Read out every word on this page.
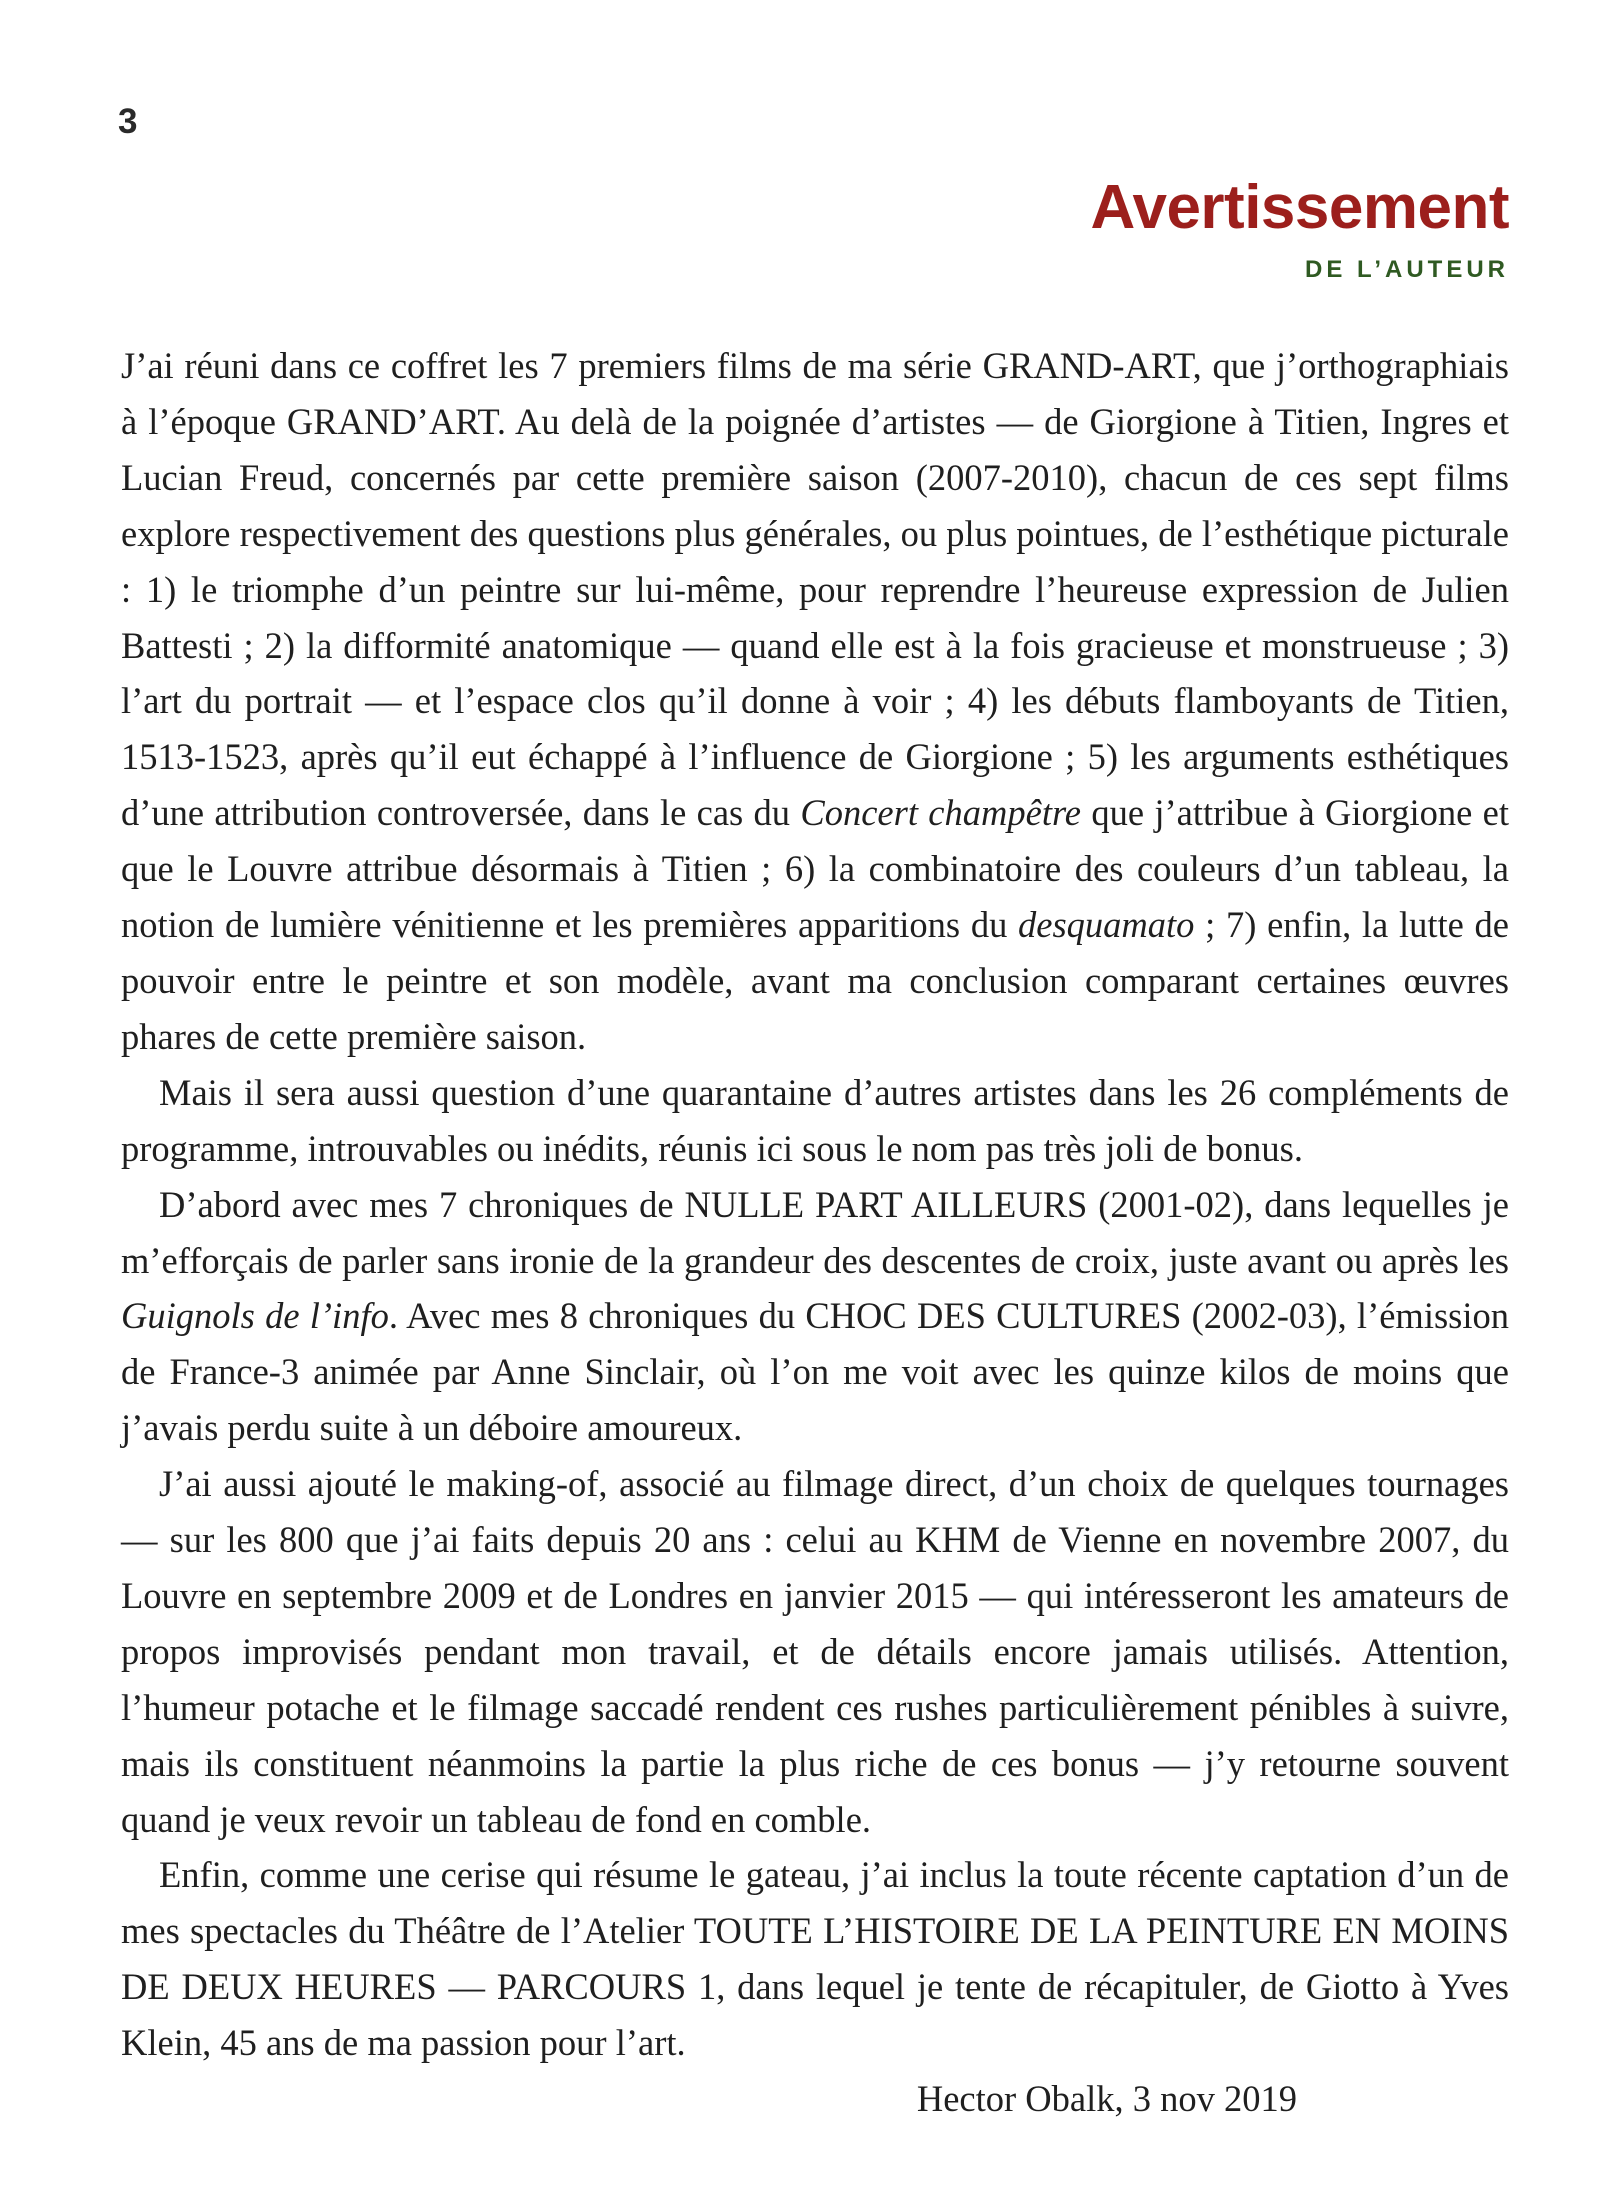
3
Avertissement
DE L’AUTEUR

J’ai réuni dans ce coffret les 7 premiers films de ma série GRAND-ART, que j’orthographiais à l’époque GRAND’ART. Au delà de la poignée d’artistes — de Giorgione à Titien, Ingres et Lucian Freud, concernés par cette première saison (2007-2010), chacun de ces sept films explore respectivement des questions plus générales, ou plus pointues, de l’esthétique picturale : 1) le triomphe d’un peintre sur lui-même, pour reprendre l’heureuse expression de Julien Battesti ; 2) la difformité anatomique — quand elle est à la fois gracieuse et monstrueuse ; 3) l’art du portrait — et l’espace clos qu’il donne à voir ; 4) les débuts flamboyants de Titien, 1513-1523, après qu’il eut échappé à l’influence de Giorgione ; 5) les arguments esthétiques d’une attribution controversée, dans le cas du Concert champêtre que j’attribue à Giorgione et que le Louvre attribue désormais à Titien ; 6) la combinatoire des couleurs d’un tableau, la notion de lumière vénitienne et les premières apparitions du desquamato ; 7) enfin, la lutte de pouvoir entre le peintre et son modèle, avant ma conclusion comparant certaines œuvres phares de cette première saison.

Mais il sera aussi question d’une quarantaine d’autres artistes dans les 26 compléments de programme, introuvables ou inédits, réunis ici sous le nom pas très joli de bonus.

D’abord avec mes 7 chroniques de NULLE PART AILLEURS (2001-02), dans lequelles je m’efforçais de parler sans ironie de la grandeur des descentes de croix, juste avant ou après les Guignols de l’info. Avec mes 8 chroniques du CHOC DES CULTURES (2002-03), l’émission de France-3 animée par Anne Sinclair, où l’on me voit avec les quinze kilos de moins que j’avais perdu suite à un déboire amoureux.

J’ai aussi ajouté le making-of, associé au filmage direct, d’un choix de quelques tournages — sur les 800 que j’ai faits depuis 20 ans : celui au KHM de Vienne en novembre 2007, du Louvre en septembre 2009 et de Londres en janvier 2015 — qui intéresseront les amateurs de propos improvisés pendant mon travail, et de détails encore jamais utilisés. Attention, l’humeur potache et le filmage saccadé rendent ces rushes particulièrement pénibles à suivre, mais ils constituent néanmoins la partie la plus riche de ces bonus — j’y retourne souvent quand je veux revoir un tableau de fond en comble.

Enfin, comme une cerise qui résume le gateau, j’ai inclus la toute récente captation d’un de mes spectacles du Théâtre de l’Atelier TOUTE L’HISTOIRE DE LA PEINTURE EN MOINS DE DEUX HEURES — PARCOURS 1, dans lequel je tente de récapituler, de Giotto à Yves Klein, 45 ans de ma passion pour l’art.

Hector Obalk, 3 nov 2019
